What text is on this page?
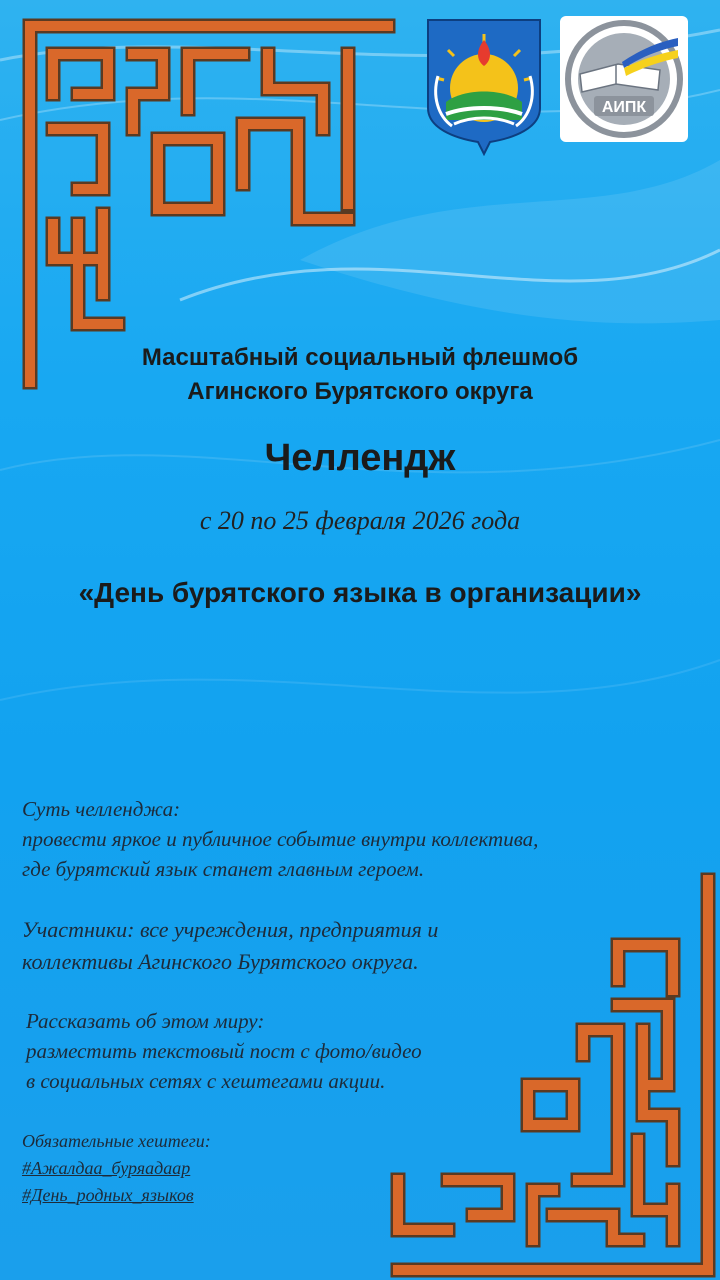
АИПК
Масштабный социальный флешмоб
Агинского Бурятского округа
Челлендж
с 20 по 25 февраля 2026 года
«День бурятского языка в организации»
Суть челленджа:
провести яркое и публичное событие внутри коллектива,
где бурятский язык станет главным героем.
Участники: все учреждения, предприятия и
коллективы Агинского Бурятского округа.
Рассказать об этом миру:
разместить текстовый пост с фото/видео
в социальных сетях с хештегами акции.
Обязательные хештеги:
#Ажалдаа_буряадаар
#День_родных_языков
